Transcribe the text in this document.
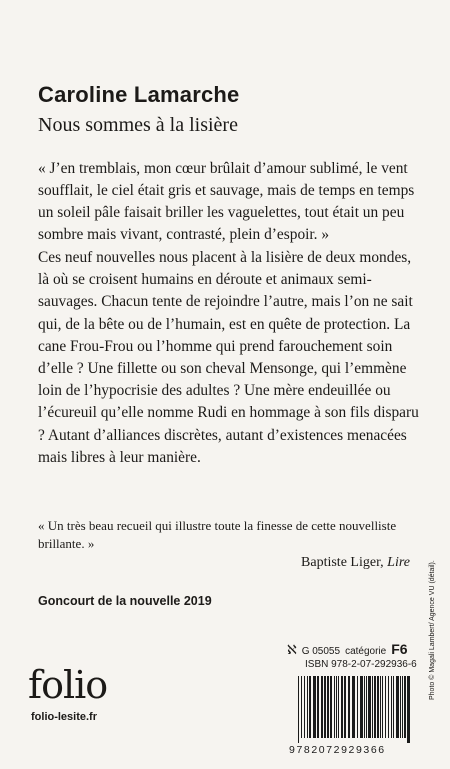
Caroline Lamarche
Nous sommes à la lisière
« J’en tremblais, mon cœur brûlait d’amour sublimé, le vent soufflait, le ciel était gris et sauvage, mais de temps en temps un soleil pâle faisait briller les vaguelettes, tout était un peu sombre mais vivant, contrasté, plein d’espoir. »

Ces neuf nouvelles nous placent à la lisière de deux mondes, là où se croisent humains en déroute et animaux semi-sauvages. Chacun tente de rejoindre l’autre, mais l’on ne sait qui, de la bête ou de l’humain, est en quête de protection. La cane Frou-Frou ou l’homme qui prend farouchement soin d’elle ? Une fillette ou son cheval Mensonge, qui l’emmène loin de l’hypocrisie des adultes ? Une mère endeuillée ou l’écureuil qu’elle nomme Rudi en hommage à son fils disparu ? Autant d’alliances discrètes, autant d’existences menacées mais libres à leur manière.

« Un très beau recueil qui illustre toute la finesse de cette nouvelliste brillante. »
Baptiste Liger, Lire
Goncourt de la nouvelle 2019
folio
folio-lesite.fr
ℵ G 05055 catégorie F6
ISBN 978-2-07-292936-6
9782072929366
Photo © Magali Lambert/ Agence VU (détail).
